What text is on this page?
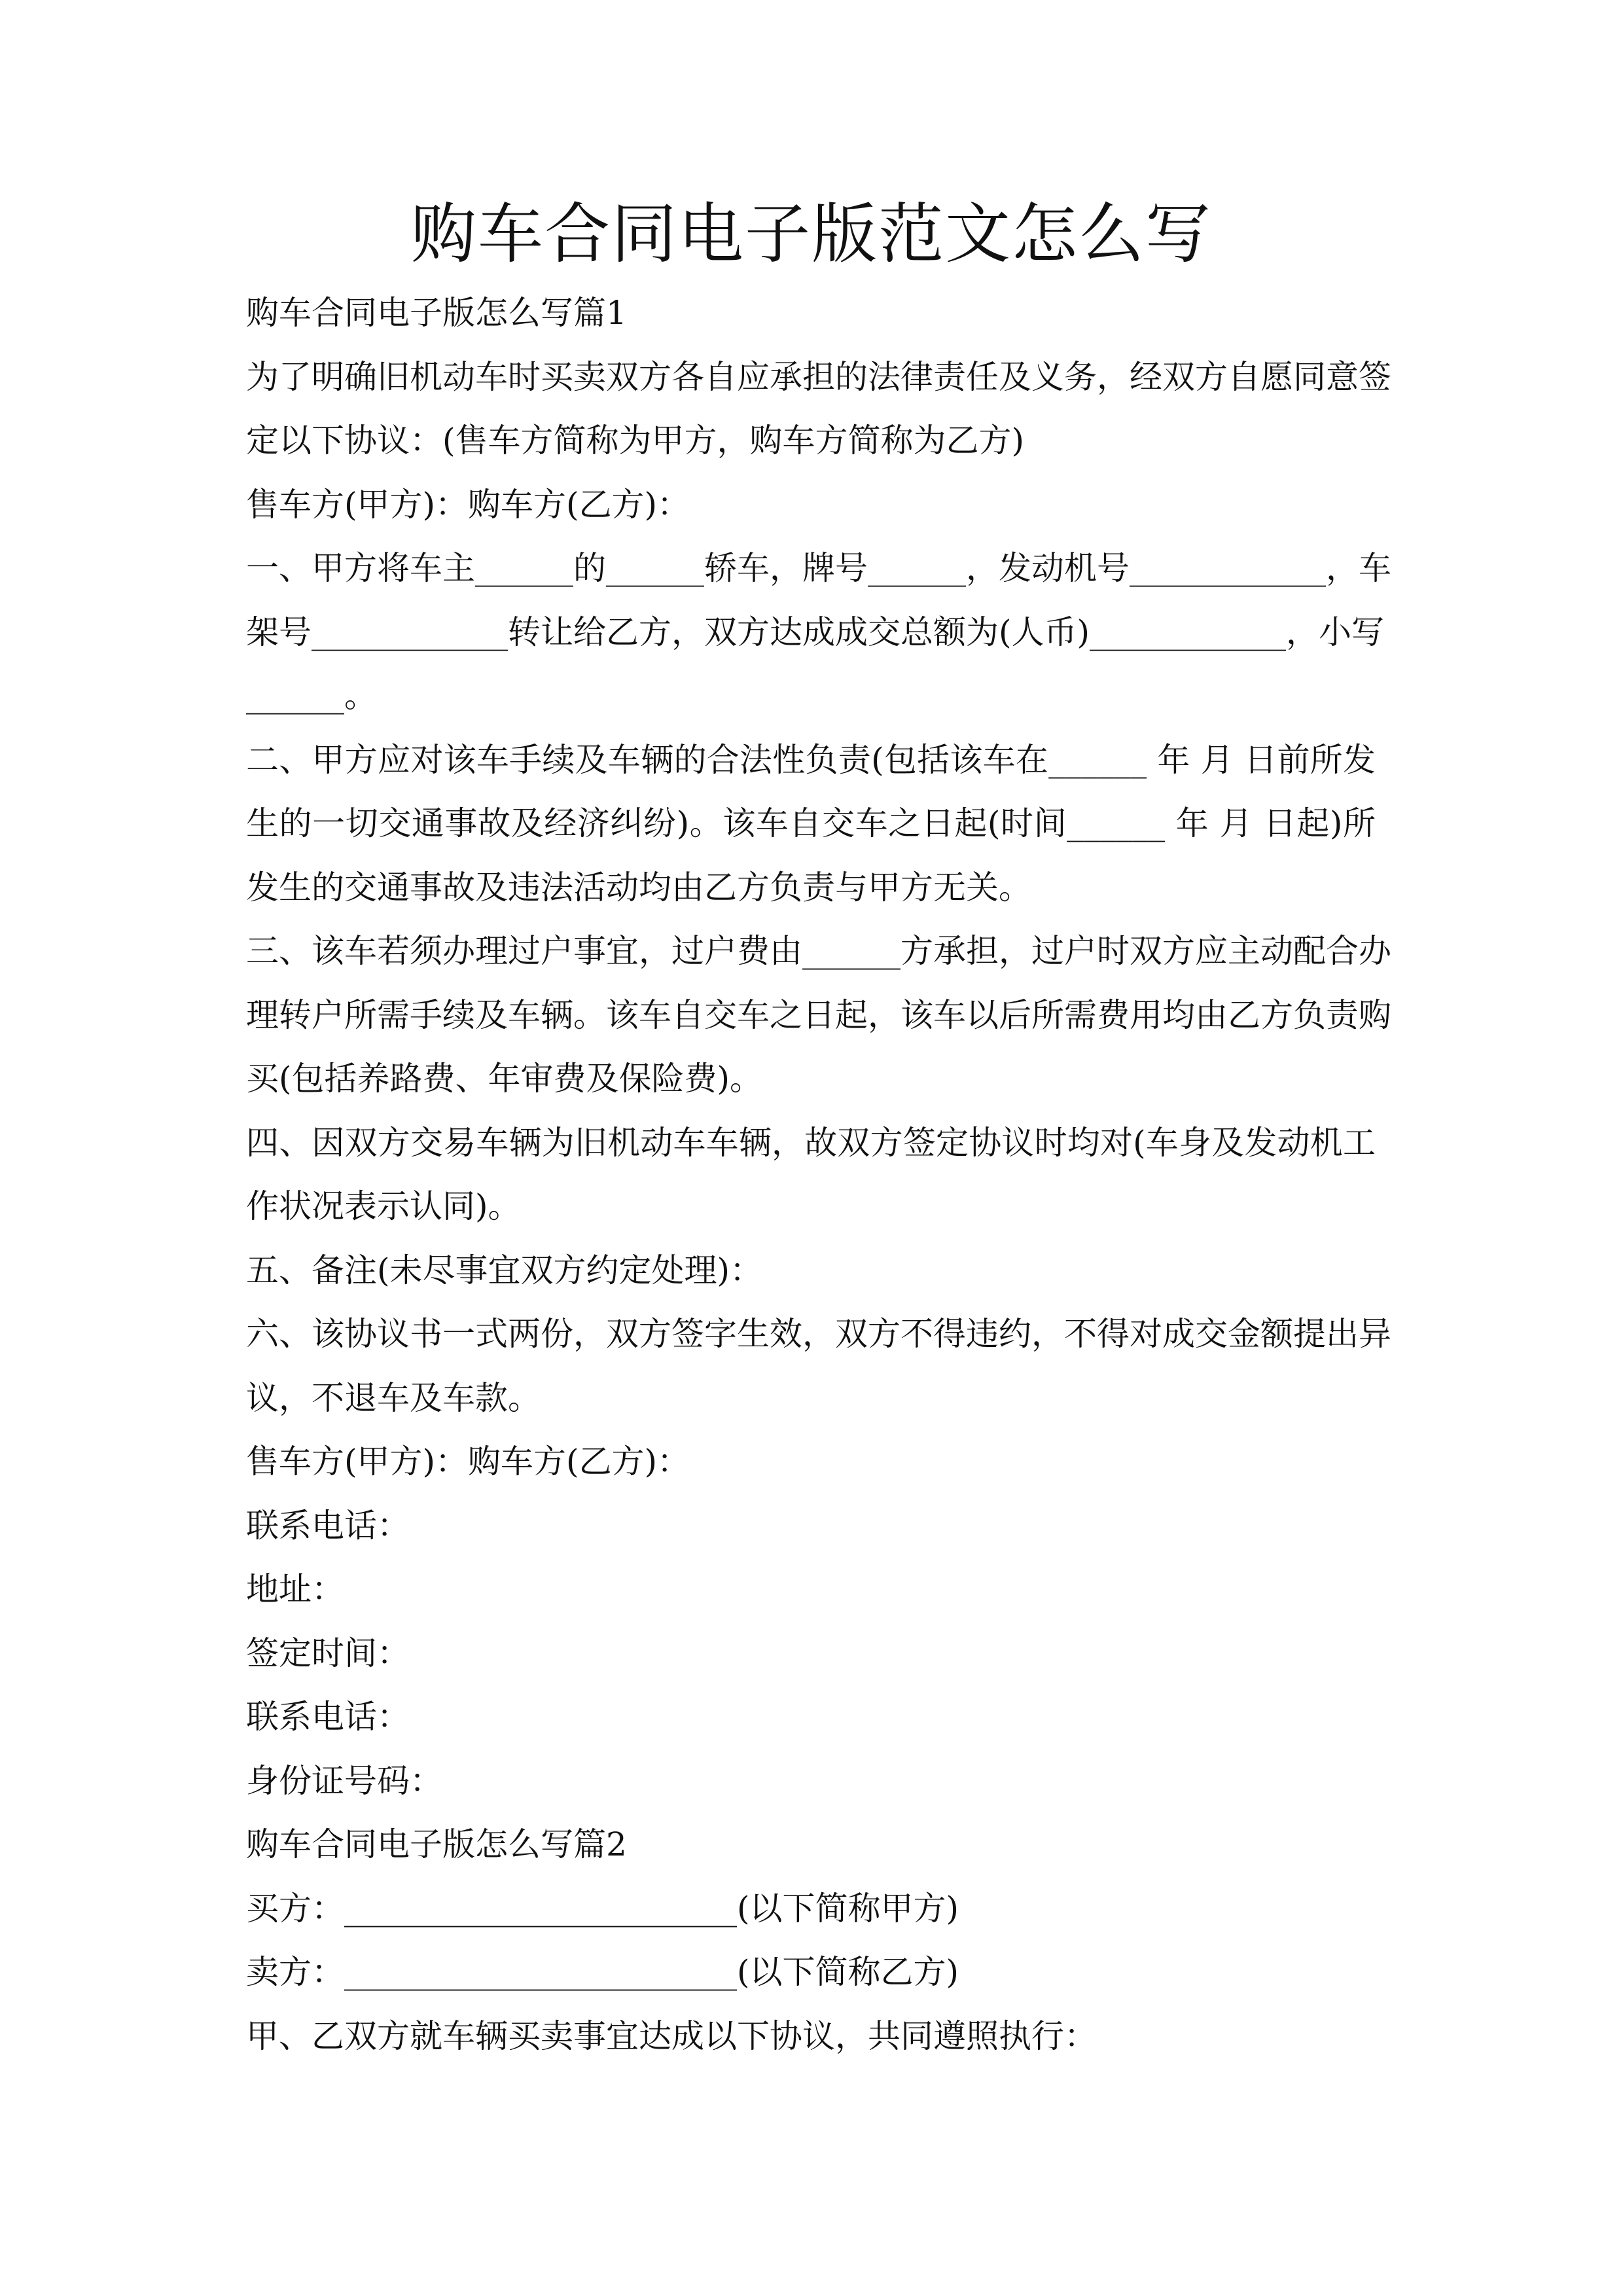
购车合同电子版范文怎么写
购车合同电子版怎么写篇1
为了明确旧机动车时买卖双方各自应承担的法律责任及义务，经双方自愿同意签
定以下协议：(售车方简称为甲方，购车方简称为乙方)
售车方(甲方)：购车方(乙方)：
一、甲方将车主______的______轿车，牌号______，发动机号____________，车
架号____________转让给乙方，双方达成成交总额为(人币)____________，小写
______。
二、甲方应对该车手续及车辆的合法性负责(包括该车在______ 年 月 日前所发
生的一切交通事故及经济纠纷)。该车自交车之日起(时间______ 年 月 日起)所
发生的交通事故及违法活动均由乙方负责与甲方无关。
三、该车若须办理过户事宜，过户费由______方承担，过户时双方应主动配合办
理转户所需手续及车辆。该车自交车之日起，该车以后所需费用均由乙方负责购
买(包括养路费、年审费及保险费)。
四、因双方交易车辆为旧机动车车辆，故双方签定协议时均对(车身及发动机工
作状况表示认同)。
五、备注(未尽事宜双方约定处理)：
六、该协议书一式两份，双方签字生效，双方不得违约，不得对成交金额提出异
议，不退车及车款。
售车方(甲方)：购车方(乙方)：
联系电话：
地址：
签定时间：
联系电话：
身份证号码：
购车合同电子版怎么写篇2
买方：________________________(以下简称甲方)
卖方：________________________(以下简称乙方)
甲、乙双方就车辆买卖事宜达成以下协议，共同遵照执行：
